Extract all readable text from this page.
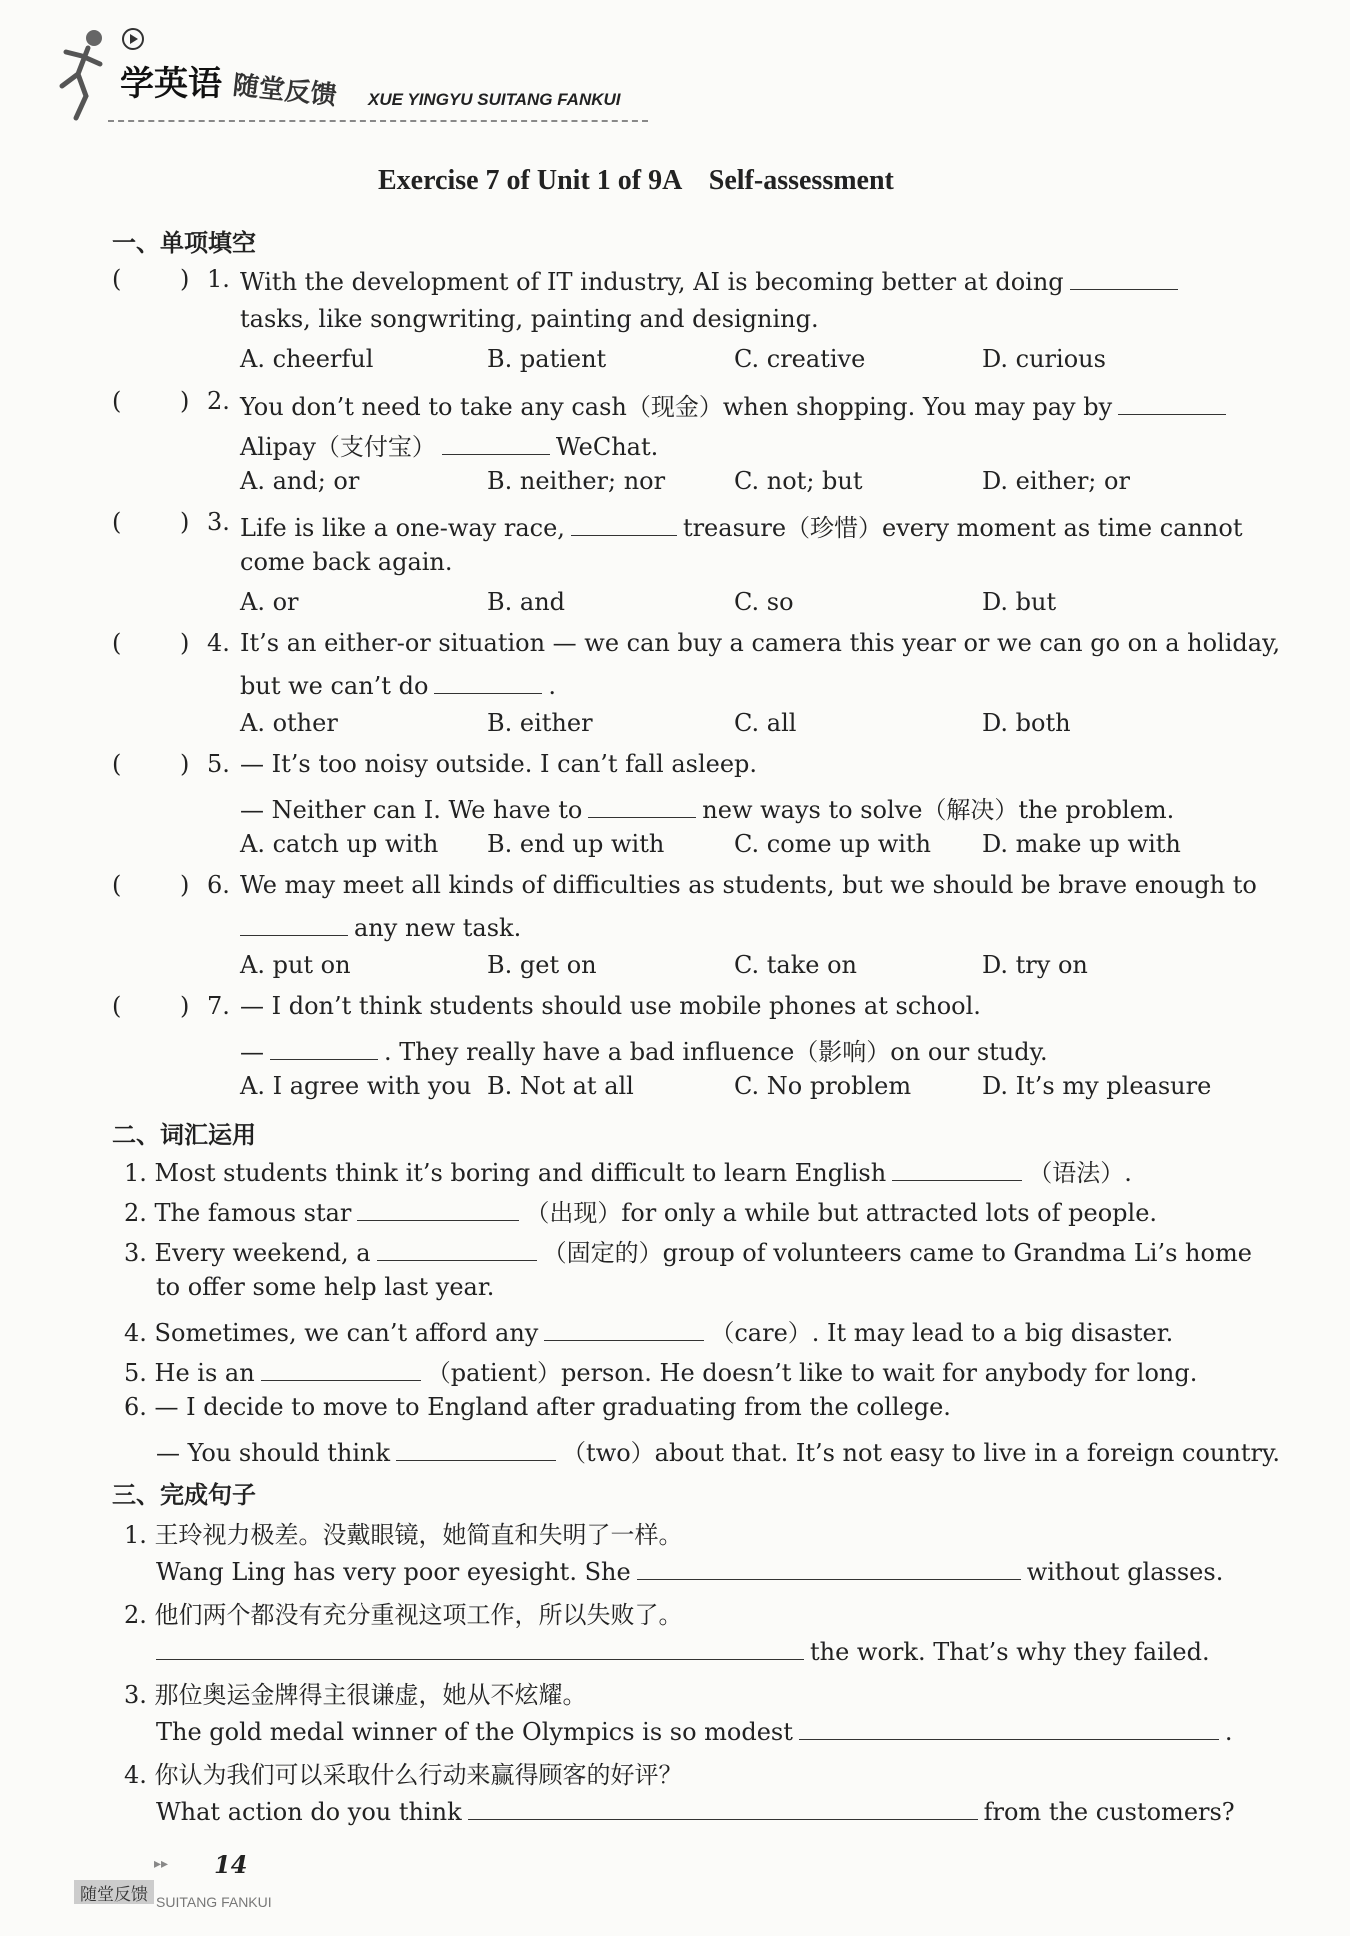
学英语 随堂反馈 XUE YINGYU SUITANG FANKUI
Exercise 7 of Unit 1 of 9A　Self-assessment
一、单项填空
( ) 1. With the development of IT industry, AI is becoming better at doing
tasks, like songwriting, painting and designing.
A. cheerful	B. patient	C. creative	D. curious
( ) 2. You don’t need to take any cash（现金）when shopping. You may pay by
Alipay（支付宝）	WeChat.
A. and; or	B. neither; nor	C. not; but	D. either; or
( ) 3. Life is like a one-way race,	treasure（珍惜）every moment as time cannot
come back again.
A. or	B. and	C. so	D. but
( ) 4. It’s an either-or situation — we can buy a camera this year or we can go on a holiday,
but we can’t do	.
A. other	B. either	C. all	D. both
( ) 5. — It’s too noisy outside. I can’t fall asleep.
— Neither can I. We have to	new ways to solve（解决）the problem.
A. catch up with B. end up with	C. come up with D. make up with
( ) 6. We may meet all kinds of difficulties as students, but we should be brave enough to
any new task.
A. put on	B. get on	C. take on	D. try on
( ) 7. — I don’t think students should use mobile phones at school.
—	. They really have a bad influence（影响）on our study.
A. I agree with you B. Not at all	C. No problem	D. It’s my pleasure
二、词汇运用
1. Most students think it’s boring and difficult to learn English	（语法）.
2. The famous star	（出现）for only a while but attracted lots of people.
3. Every weekend, a	（固定的）group of volunteers came to Grandma Li’s home
to offer some help last year.
4. Sometimes, we can’t afford any	（care）. It may lead to a big disaster.
5. He is an	（patient）person. He doesn’t like to wait for anybody for long.
6. — I decide to move to England after graduating from the college.
— You should think	（two）about that. It’s not easy to live in a foreign country.
三、完成句子
1. 王玲视力极差。没戴眼镜，她简直和失明了一样。
Wang Ling has very poor eyesight. She	without glasses.
2. 他们两个都没有充分重视这项工作，所以失败了。
the work. That’s why they failed.
3. 那位奥运金牌得主很谦虚，她从不炫耀。
The gold medal winner of the Olympics is so modest	.
4. 你认为我们可以采取什么行动来赢得顾客的好评？
What action do you think	from the customers?
▸▸ 14
随堂反馈 SUITANG FANKUI
